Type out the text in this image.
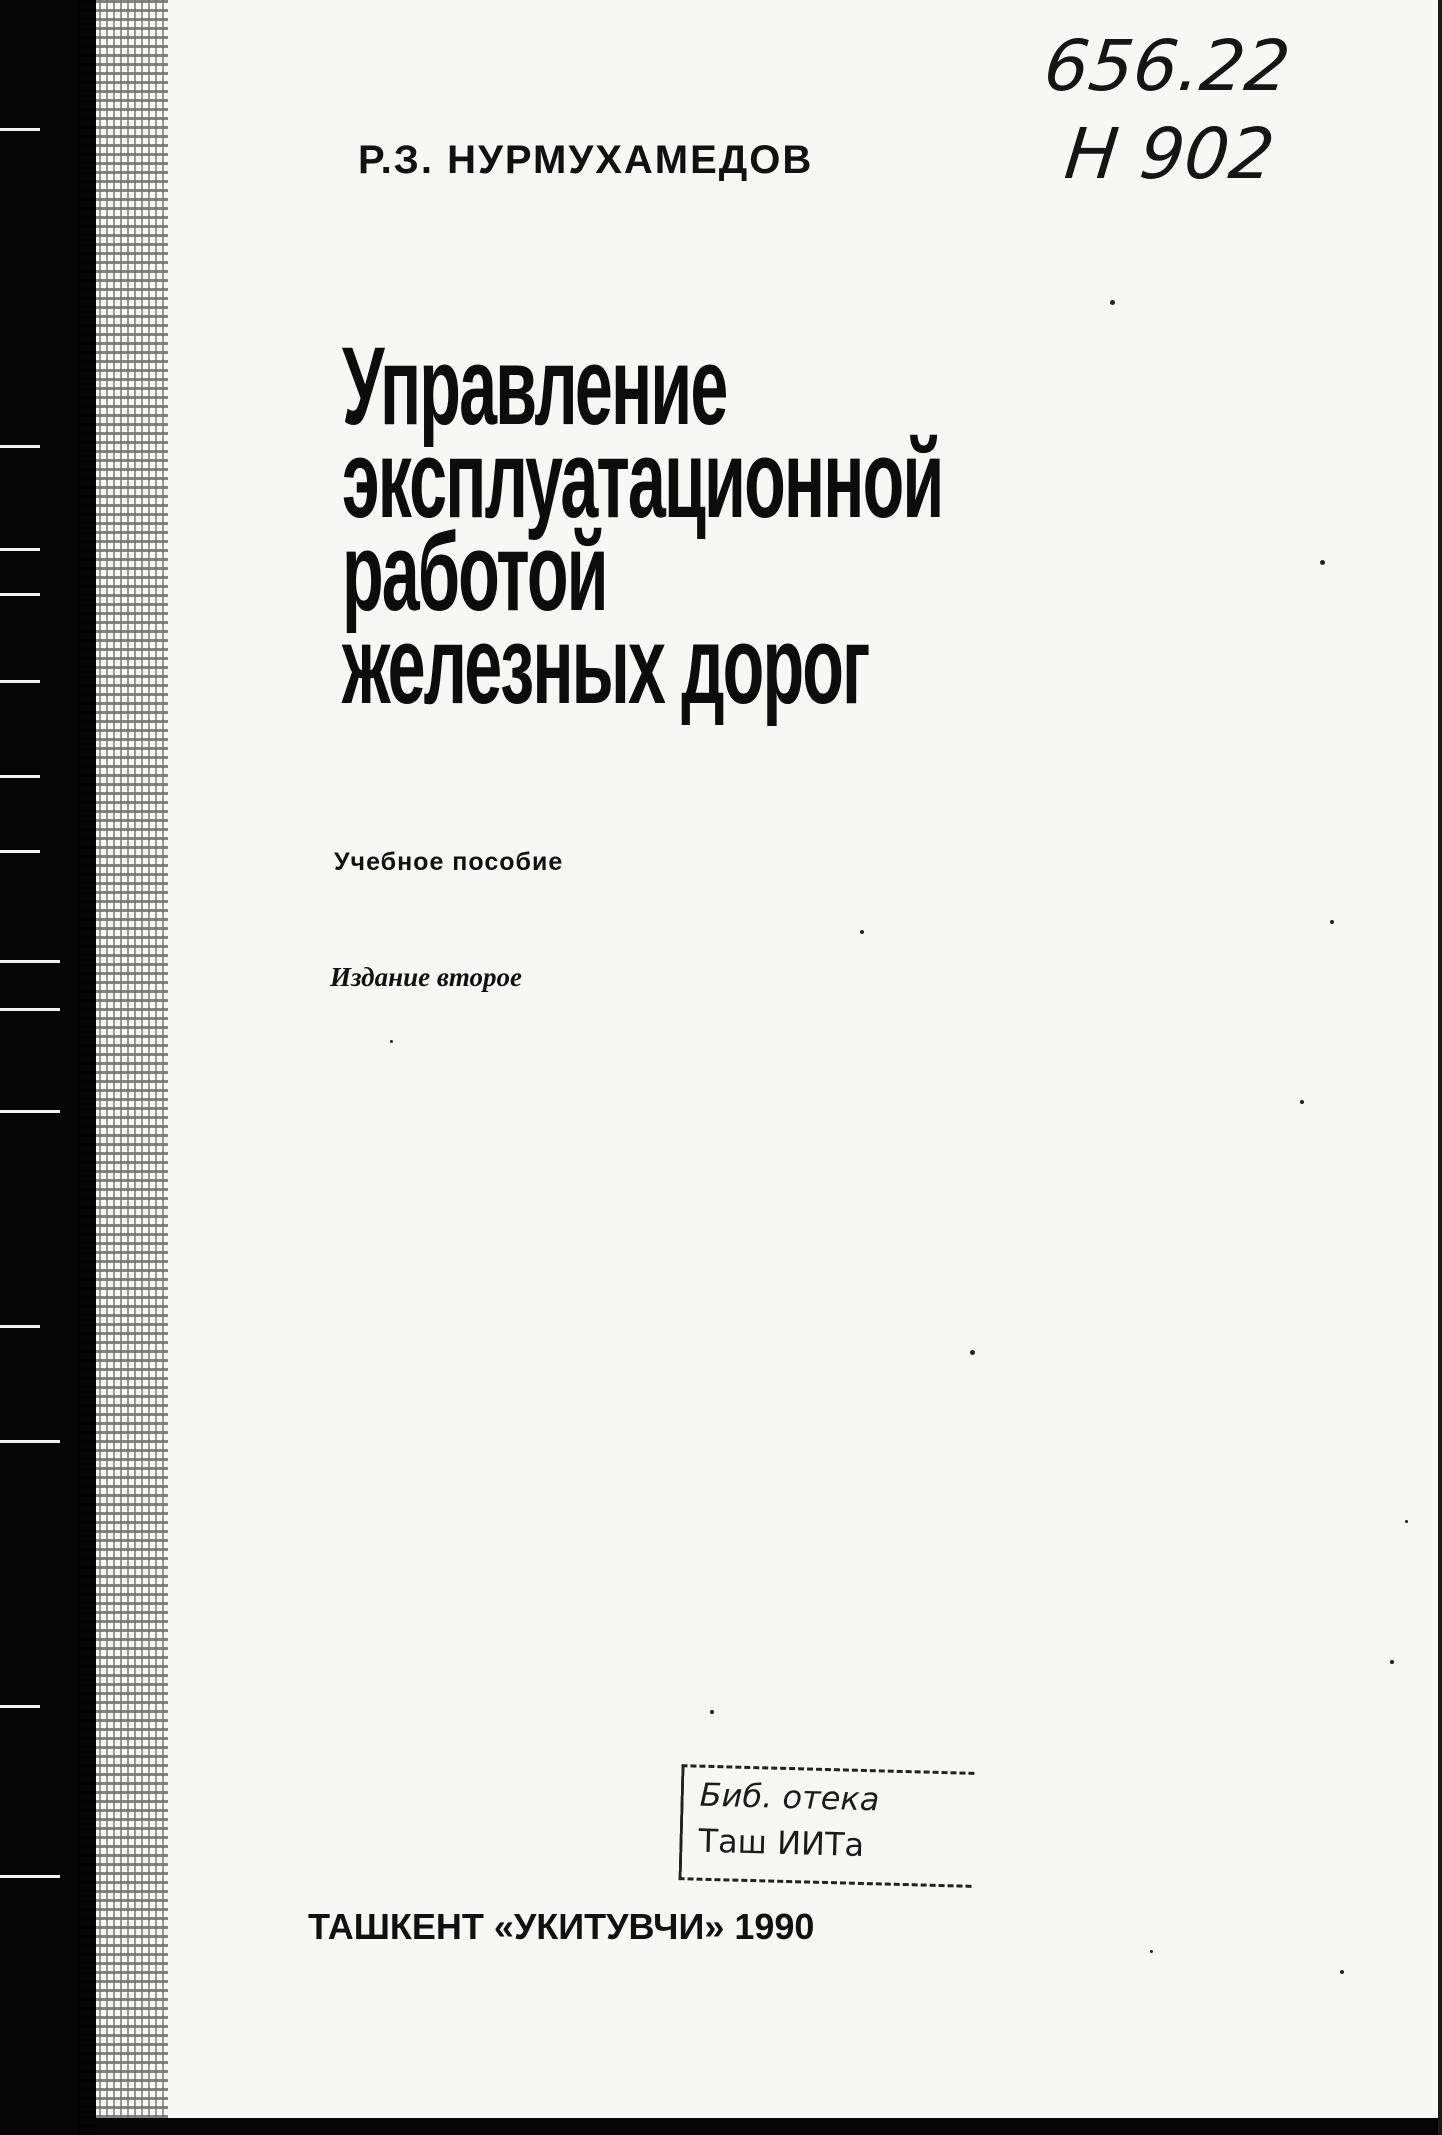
656.22
Н 902
Р.З. НУРМУХАМЕДОВ
Управление
эксплуатационной
работой
железных дорог
Учебное пособие
Издание второе
Биб. отека
Тaш ИИТа
ТАШКЕНТ «УКИТУВЧИ» 1990
